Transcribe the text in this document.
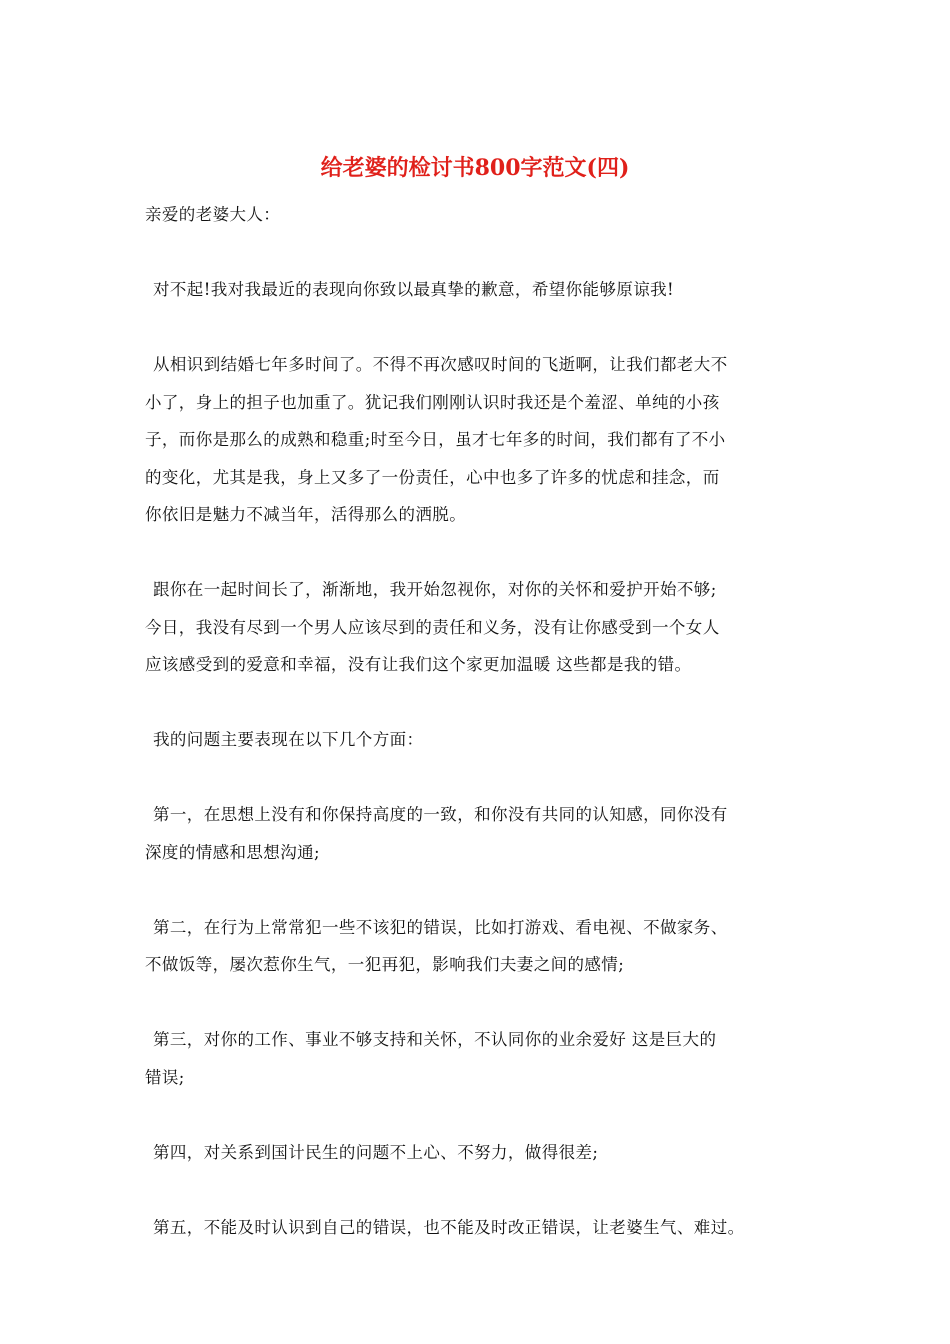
给老婆的检讨书800字范文(四)
亲爱的老婆大人：
对不起!我对我最近的表现向你致以最真挚的歉意，希望你能够原谅我!
从相识到结婚七年多时间了。不得不再次感叹时间的飞逝啊，让我们都老大不
小了，身上的担子也加重了。犹记我们刚刚认识时我还是个羞涩、单纯的小孩
子，而你是那么的成熟和稳重;时至今日，虽才七年多的时间，我们都有了不小
的变化，尤其是我，身上又多了一份责任，心中也多了许多的忧虑和挂念，而
你依旧是魅力不减当年，活得那么的洒脱。
跟你在一起时间长了，渐渐地，我开始忽视你，对你的关怀和爱护开始不够;
今日，我没有尽到一个男人应该尽到的责任和义务，没有让你感受到一个女人
应该感受到的爱意和幸福，没有让我们这个家更加温暖 这些都是我的错。
我的问题主要表现在以下几个方面：
第一，在思想上没有和你保持高度的一致，和你没有共同的认知感，同你没有
深度的情感和思想沟通;
第二，在行为上常常犯一些不该犯的错误，比如打游戏、看电视、不做家务、
不做饭等，屡次惹你生气，一犯再犯，影响我们夫妻之间的感情;
第三，对你的工作、事业不够支持和关怀，不认同你的业余爱好 这是巨大的
错误;
第四，对关系到国计民生的问题不上心、不努力，做得很差;
第五，不能及时认识到自己的错误，也不能及时改正错误，让老婆生气、难过。
